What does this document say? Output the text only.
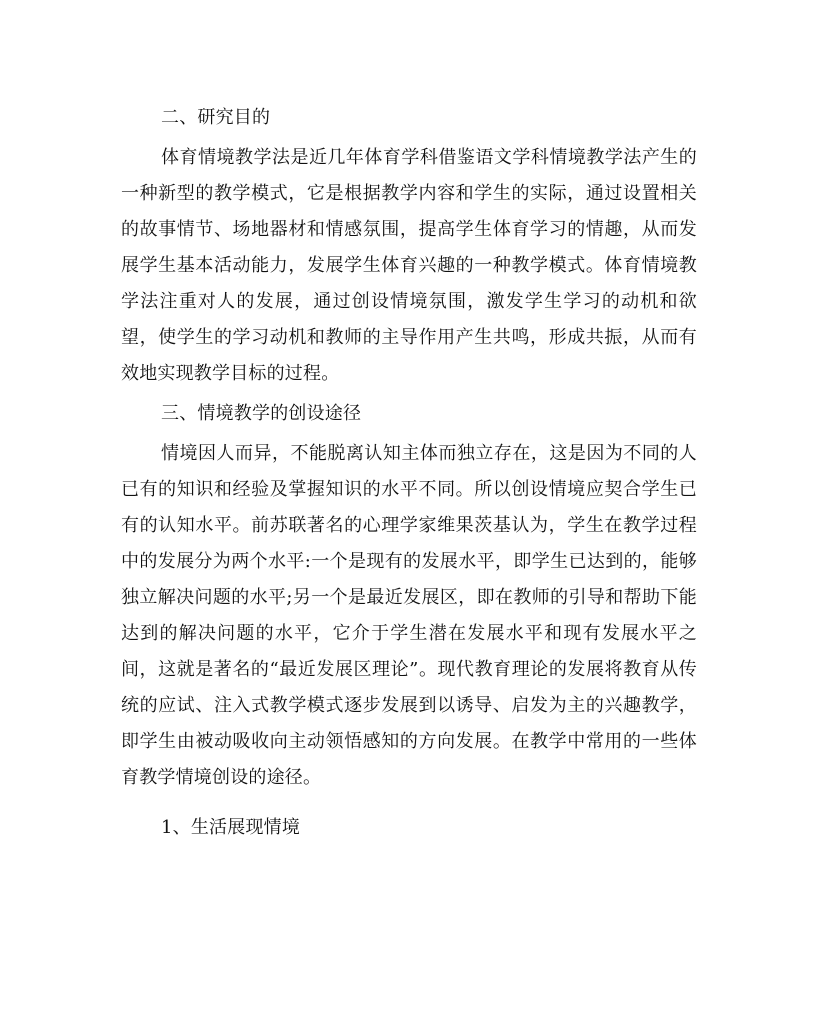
二、研究目的

体育情境教学法是近几年体育学科借鉴语文学科情境教学法产生的一种新型的教学模式，它是根据教学内容和学生的实际，通过设置相关的故事情节、场地器材和情感氛围，提高学生体育学习的情趣，从而发展学生基本活动能力，发展学生体育兴趣的一种教学模式。体育情境教学法注重对人的发展，通过创设情境氛围，激发学生学习的动机和欲望，使学生的学习动机和教师的主导作用产生共鸣，形成共振，从而有效地实现教学目标的过程。

三、情境教学的创设途径

情境因人而异，不能脱离认知主体而独立存在，这是因为不同的人已有的知识和经验及掌握知识的水平不同。所以创设情境应契合学生已有的认知水平。前苏联著名的心理学家维果茨基认为，学生在教学过程中的发展分为两个水平:一个是现有的发展水平，即学生已达到的，能够独立解决问题的水平;另一个是最近发展区，即在教师的引导和帮助下能达到的解决问题的水平，它介于学生潜在发展水平和现有发展水平之间，这就是著名的“最近发展区理论”。现代教育理论的发展将教育从传统的应试、注入式教学模式逐步发展到以诱导、启发为主的兴趣教学，即学生由被动吸收向主动领悟感知的方向发展。在教学中常用的一些体育教学情境创设的途径。

1、生活展现情境
